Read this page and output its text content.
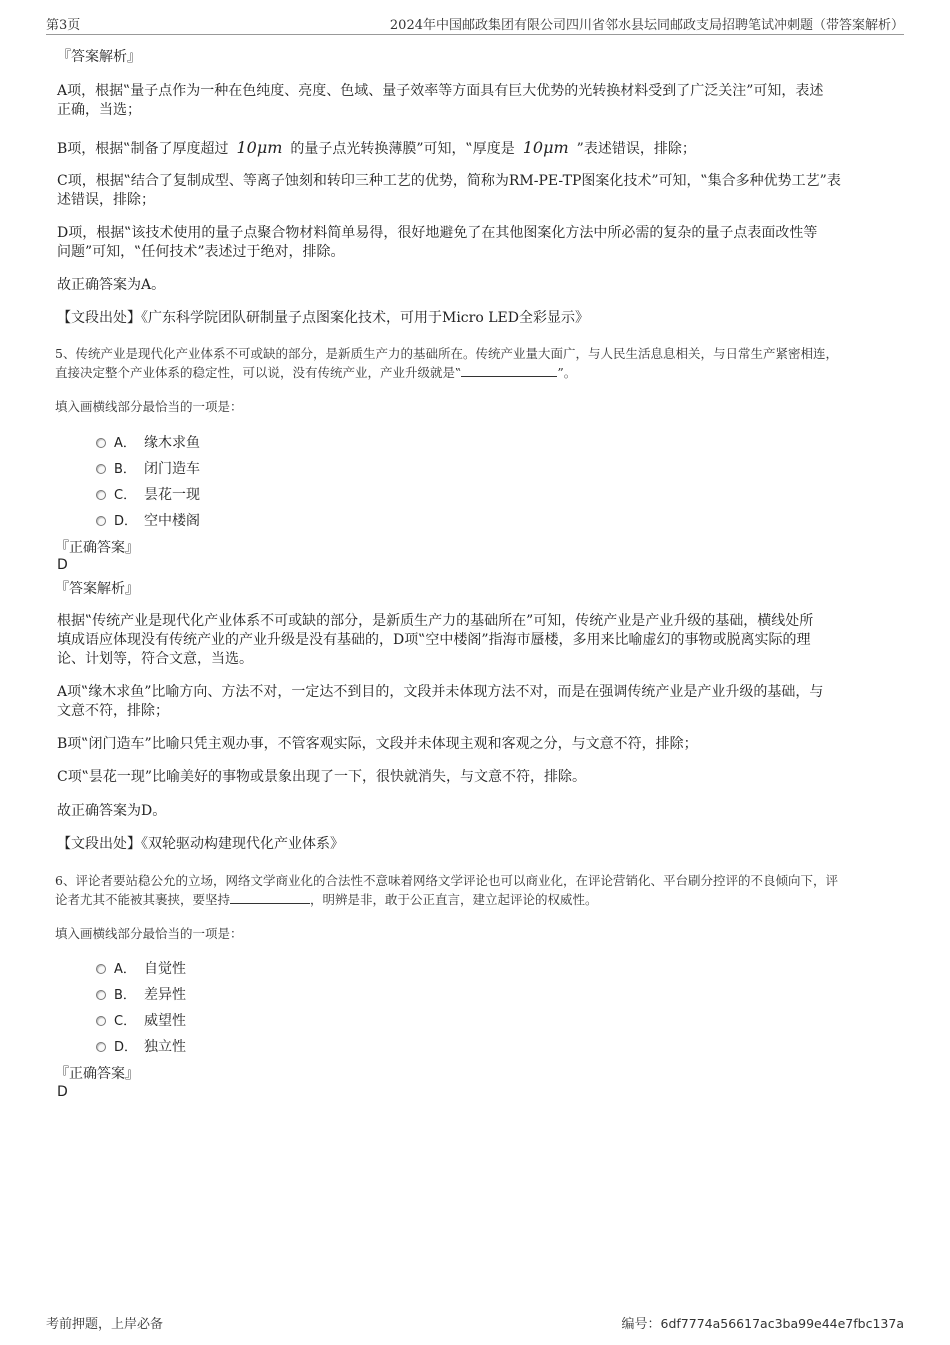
第3页	2024年中国邮政集团有限公司四川省邻水县坛同邮政支局招聘笔试冲刺题（带答案解析）
『答案解析』
A项，根据‟量子点作为一种在色纯度、亮度、色域、量子效率等方面具有巨大优势的光转换材料受到了广泛关注”可知，表述
正确，当选；
B项，根据‟制备了厚度超过 10μm 的量子点光转换薄膜”可知，‟厚度是 10μm ”表述错误，排除；
C项，根据‟结合了复制成型、等离子蚀刻和转印三种工艺的优势，简称为RM-PE-TP图案化技术”可知，‟集合多种优势工艺”表
述错误，排除；
D项，根据‟该技术使用的量子点聚合物材料简单易得，很好地避免了在其他图案化方法中所必需的复杂的量子点表面改性等
问题”可知，‟任何技术”表述过于绝对，排除。
故正确答案为A。
【文段出处】《广东科学院团队研制量子点图案化技术，可用于Micro LED全彩显示》
5、传统产业是现代化产业体系不可或缺的部分，是新质生产力的基础所在。传统产业量大面广，与人民生活息息相关，与日常生产紧密相连，
直接决定整个产业体系的稳定性，可以说，没有传统产业，产业升级就是‟	”。
填入画横线部分最恰当的一项是：
A． 缘木求鱼
B． 闭门造车
C． 昙花一现
D． 空中楼阁
『正确答案』
D
『答案解析』
根据‟传统产业是现代化产业体系不可或缺的部分，是新质生产力的基础所在”可知，传统产业是产业升级的基础，横线处所
填成语应体现没有传统产业的产业升级是没有基础的，D项‟空中楼阁”指海市蜃楼，多用来比喻虚幻的事物或脱离实际的理
论、计划等，符合文意，当选。
A项‟缘木求鱼”比喻方向、方法不对，一定达不到目的，文段并未体现方法不对，而是在强调传统产业是产业升级的基础，与
文意不符，排除；
B项‟闭门造车”比喻只凭主观办事，不管客观实际，文段并未体现主观和客观之分，与文意不符，排除；
C项‟昙花一现”比喻美好的事物或景象出现了一下，很快就消失，与文意不符，排除。
故正确答案为D。
【文段出处】《双轮驱动构建现代化产业体系》
6、评论者要站稳公允的立场，网络文学商业化的合法性不意味着网络文学评论也可以商业化，在评论营销化、平台刷分控评的不良倾向下，评
论者尤其不能被其裹挟，要坚持	，明辨是非，敢于公正直言，建立起评论的权威性。
填入画横线部分最恰当的一项是：
A． 自觉性
B． 差异性
C． 威望性
D． 独立性
『正确答案』
D
考前押题，上岸必备	编号：6df7774a56617ac3ba99e44e7fbc137a
